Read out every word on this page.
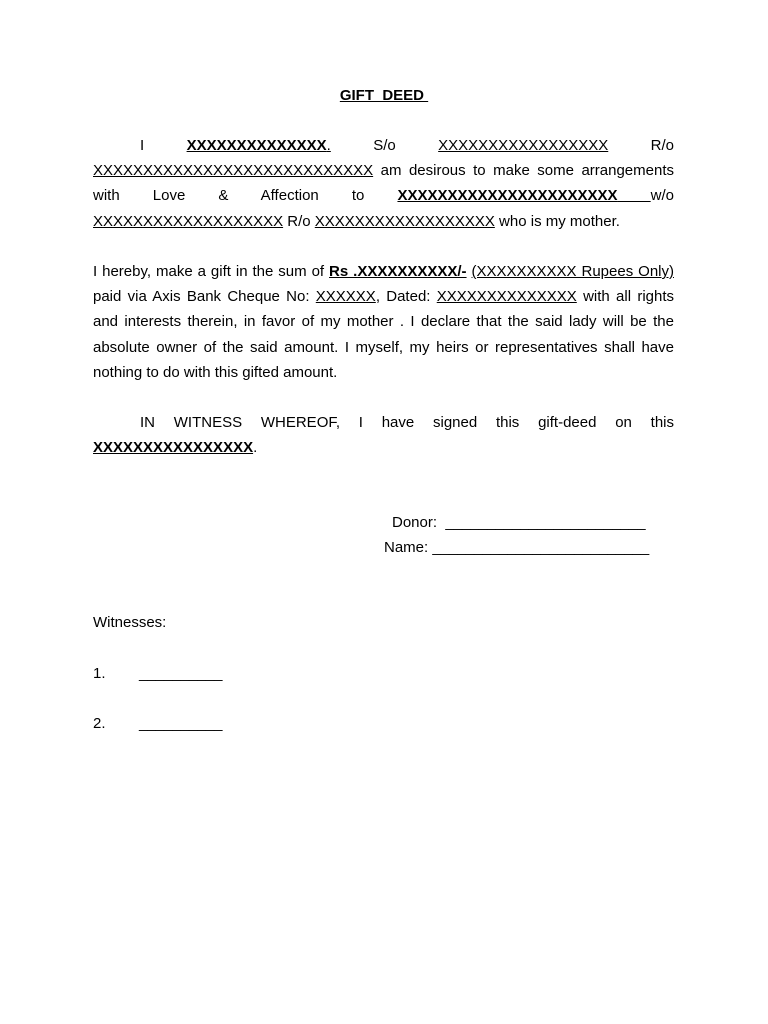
GIFT  DEED
I	XXXXXXXXXXXXXX.	S/o	XXXXXXXXXXXXXXXXX	R/o XXXXXXXXXXXXXXXXXXXXXXXXXXXX am desirous to make some arrangements with Love & Affection to XXXXXXXXXXXXXXXXXXXXXX w/o XXXXXXXXXXXXXXXXXXX R/o XXXXXXXXXXXXXXXXXX who is my mother.
I hereby, make a gift in the sum of Rs .XXXXXXXXXX/- (XXXXXXXXXX Rupees Only) paid via Axis Bank Cheque No: XXXXXX, Dated: XXXXXXXXXXXXXX with all rights and interests therein, in favor of my mother . I declare that the said lady will be the absolute owner of the said amount. I myself, my heirs or representatives shall have nothing to do with this gifted amount.
IN WITNESS WHEREOF, I have signed this gift-deed on this XXXXXXXXXXXXXXXX.
Donor:  ________________________
Name: __________________________
Witnesses:
1. __________
2. __________
